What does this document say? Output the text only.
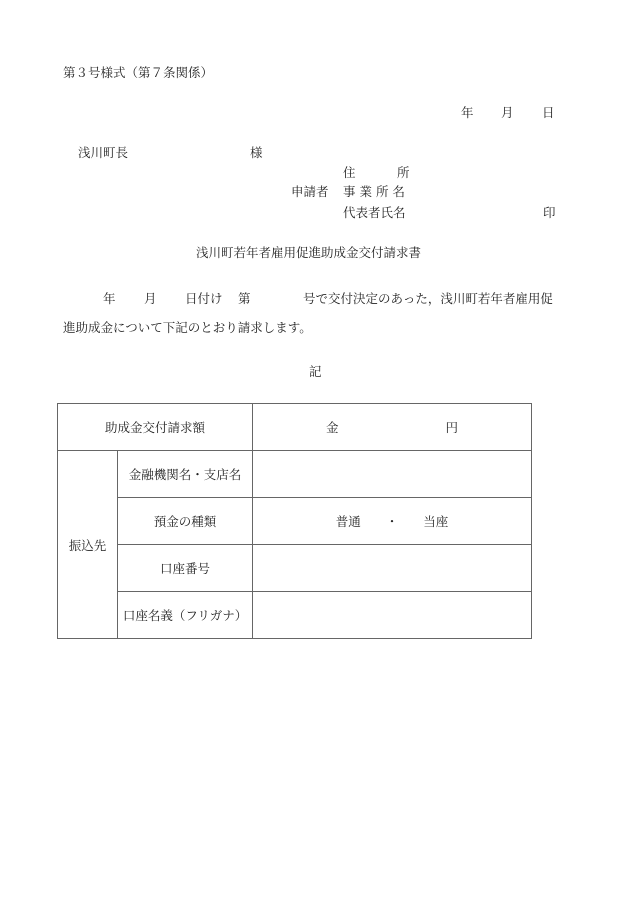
第３号様式（第７条関係）
年 月 日
浅川町長	様
住	所
申請者 事 業 所 名
代表者氏名	印
浅川町若年者雇用促進助成金交付請求書
年 月 日付け 第	号で交付決定のあった，浅川町若年者雇用促
進助成金について下記のとおり請求します。
記
助成金交付請求額		金 円
振込先	金融機関名・支店名	
	預金の種類	普通　　・　　当座
	口座番号	
	口座名義（フリガナ）	
